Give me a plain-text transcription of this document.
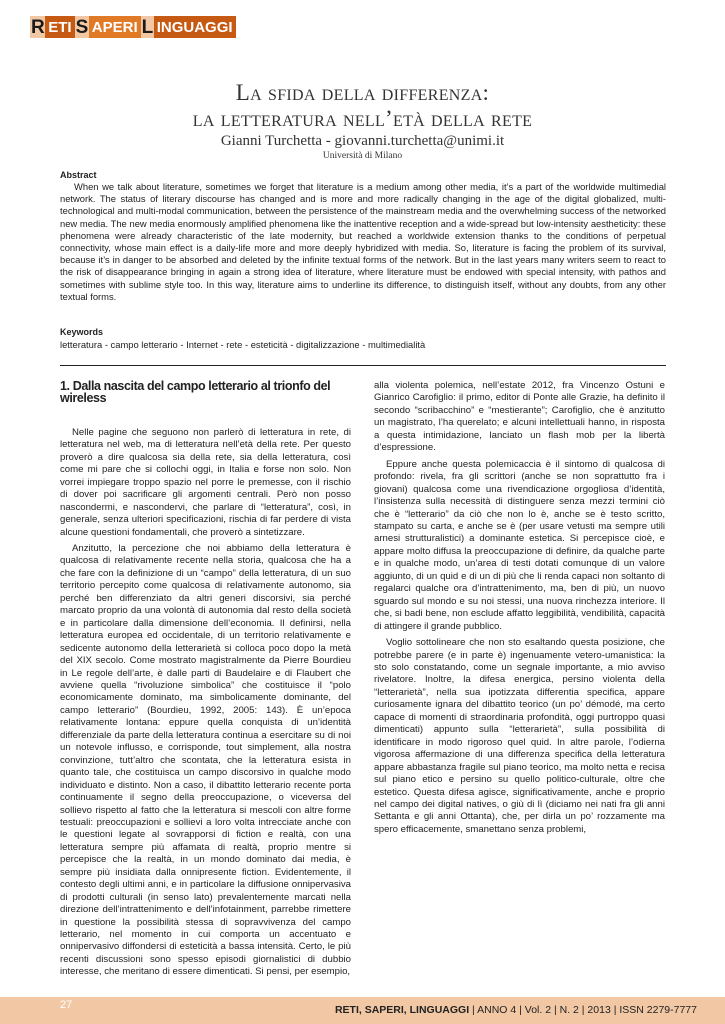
R ETI S APERI L INGUAGGI
La sfida della differenza:
la letteratura nell’età della rete
Gianni Turchetta - giovanni.turchetta@unimi.it
Università di Milano
Abstract
When we talk about literature, sometimes we forget that literature is a medium among other media, it’s a part of the worldwide multimedial network. The status of literary discourse has changed and is more and more radically changing in the age of the digital globalized, multi-technological and multi-modal communication, between the persistence of the mainstream media and the overwhelming success of the networked new media. The new media enormously amplified phenomena like the inattentive reception and a wide-spread but low-intensity aestheticity: these phenomena were already characteristic of the late modernity, but reached a worldwide extension thanks to the conditions of perpetual connectivity, whose main effect is a daily-life more and more deeply hybridized with media. So, literature is facing the problem of its survival, because it’s in danger to be absorbed and deleted by the infinite textual forms of the network. But in the last years many writers seem to react to the risk of disappearance bringing in again a strong idea of literature, where literature must be endowed with special intensity, with pathos and sometimes with sublime style too. In this way, literature aims to underline its difference, to distinguish itself, without any doubts, from any other textual forms.
Keywords
letteratura - campo letterario - Internet - rete - esteticità - digitalizzazione - multimedialità
1. Dalla nascita del campo letterario al trionfo del wireless

Nelle pagine che seguono non parlerò di letteratura in rete, di letteratura nel web, ma di letteratura nell’età della rete. Per questo proverò a dire qualcosa sia della rete, sia della letteratura, così come mi pare che si collochi oggi, in Italia e forse non solo. Non vorrei impiegare troppo spazio nel porre le premesse, con il rischio di dover poi sacrificare gli argomenti centrali. Però non posso nascondermi, e nascondervi, che parlare di “letteratura”, così, in generale, senza ulteriori specificazioni, rischia di far perdere di vista alcune questioni fondamentali, che proverò a sintetizzare.

Anzitutto, la percezione che noi abbiamo della letteratura è qualcosa di relativamente recente nella storia, qualcosa che ha a che fare con la definizione di un “campo” della letteratura, di un suo territorio percepito come qualcosa di relativamente autonomo, sia perché ben differenziato da altri generi discorsivi, sia perché marcato proprio da una volontà di autonomia dal resto della società e in particolare dalla dimensione dell’economia. Il definirsi, nella letteratura europea ed occidentale, di un territorio relativamente e sedicente autonomo della letterarietà si colloca poco dopo la metà del XIX secolo. Come mostrato magistralmente da Pierre Bourdieu in Le regole dell’arte, è dalle parti di Baudelaire e di Flaubert che avviene quella “rivoluzione simbolica” che costituisce il “polo economicamente dominato, ma simbolicamente dominante, del campo letterario” (Bourdieu, 1992, 2005: 143). È un’epoca relativamente lontana: eppure quella conquista di un’identità differenziale da parte della letteratura continua a esercitare su di noi un notevole influsso, e corrisponde, tout simplement, alla nostra convinzione, tutt’altro che scontata, che la letteratura esista in quanto tale, che costituisca un campo discorsivo in qualche modo individuato e distinto. Non a caso, il dibattito letterario recente porta continuamente il segno della preoccupazione, o viceversa del sollievo rispetto al fatto che la letteratura si mescoli con altre forme testuali: preoccupazioni e sollievi a loro volta intrecciate anche con le questioni legate al sovrapporsi di fiction e realtà, con una letteratura sempre più affamata di realtà, proprio mentre si percepisce che la realtà, in un mondo dominato dai media, è sempre più insidiata dalla onnipresente fiction. Evidentemente, il contesto degli ultimi anni, e in particolare la diffusione onnipervasiva di prodotti culturali (in senso lato) prevalentemente marcati nella direzione dell’intrattenimento e dell’infotainment, parrebbe rimettere in questione la possibilità stessa di sopravvivenza del campo letterario, nel momento in cui comporta un accentuato e onnipervasivo diffondersi di esteticità a bassa intensità. Certo, le più recenti discussioni sono spesso episodi giornalistici di dubbio interesse, che meritano di essere dimenticati. Si pensi, per esempio,

alla violenta polemica, nell’estate 2012, fra Vincenzo Ostuni e Gianrico Carofiglio: il primo, editor di Ponte alle Grazie, ha definito il secondo “scribacchino” e “mestierante”; Carofiglio, che è anzitutto un magistrato, l’ha querelato; e alcuni intellettuali hanno, in risposta a questa intimidazione, lanciato un flash mob per la libertà d’espressione.

Eppure anche questa polemicaccia è il sintomo di qualcosa di profondo: rivela, fra gli scrittori (anche se non soprattutto fra i giovani) qualcosa come una rivendicazione orgogliosa d’identità, l’insistenza sulla necessità di distinguere senza mezzi termini ciò che è “letterario” da ciò che non lo è, anche se è testo scritto, stampato su carta, e anche se è (per usare vetusti ma sempre utili arnesi strutturalistici) a dominante estetica. Si percepisce cioè, e appare molto diffusa la preoccupazione di definire, da qualche parte e in qualche modo, un’area di testi dotati comunque di un valore aggiunto, di un quid e di un di più che li renda capaci non soltanto di regalarci qualche ora d’intrattenimento, ma, ben di più, un nuovo sguardo sul mondo e su noi stessi, una nuova rinchezza interiore. Il che, si badi bene, non esclude affatto leggibilità, vendibilità, capacità di attingere il grande pubblico.

Voglio sottolineare che non sto esaltando questa posizione, che potrebbe parere (e in parte è) ingenuamente vetero-umanistica: la sto solo constatando, come un segnale importante, a mio avviso rivelatore. Inoltre, la difesa energica, persino violenta della “letterarietà”, nella sua ipotizzata differentia specifica, appare curiosamente ignara del dibattito teorico (un po’ démodé, ma certo capace di momenti di straordinaria profondità, oggi purtroppo quasi dimenticati) appunto sulla “letterarietà”, sulla possibilità di identificare in modo rigoroso quel quid. In altre parole, l’odierna vigorosa affermazione di una differenza specifica della letteratura appare abbastanza fragile sul piano teorico, ma molto netta e recisa sul piano etico e persino su quello politico-culturale, oltre che estetico. Questa difesa agisce, significativamente, anche e proprio nel campo dei digital natives, o giù di lì (diciamo nei nati fra gli anni Settanta e gli anni Ottanta), che, per dirla un po’ rozzamente ma spero efficacemente, smanettano senza problemi,

27	RETI, SAPERI, LINGUAGGI | ANNO 4 | Vol. 2 | N. 2 | 2013 | ISSN 2279-7777
